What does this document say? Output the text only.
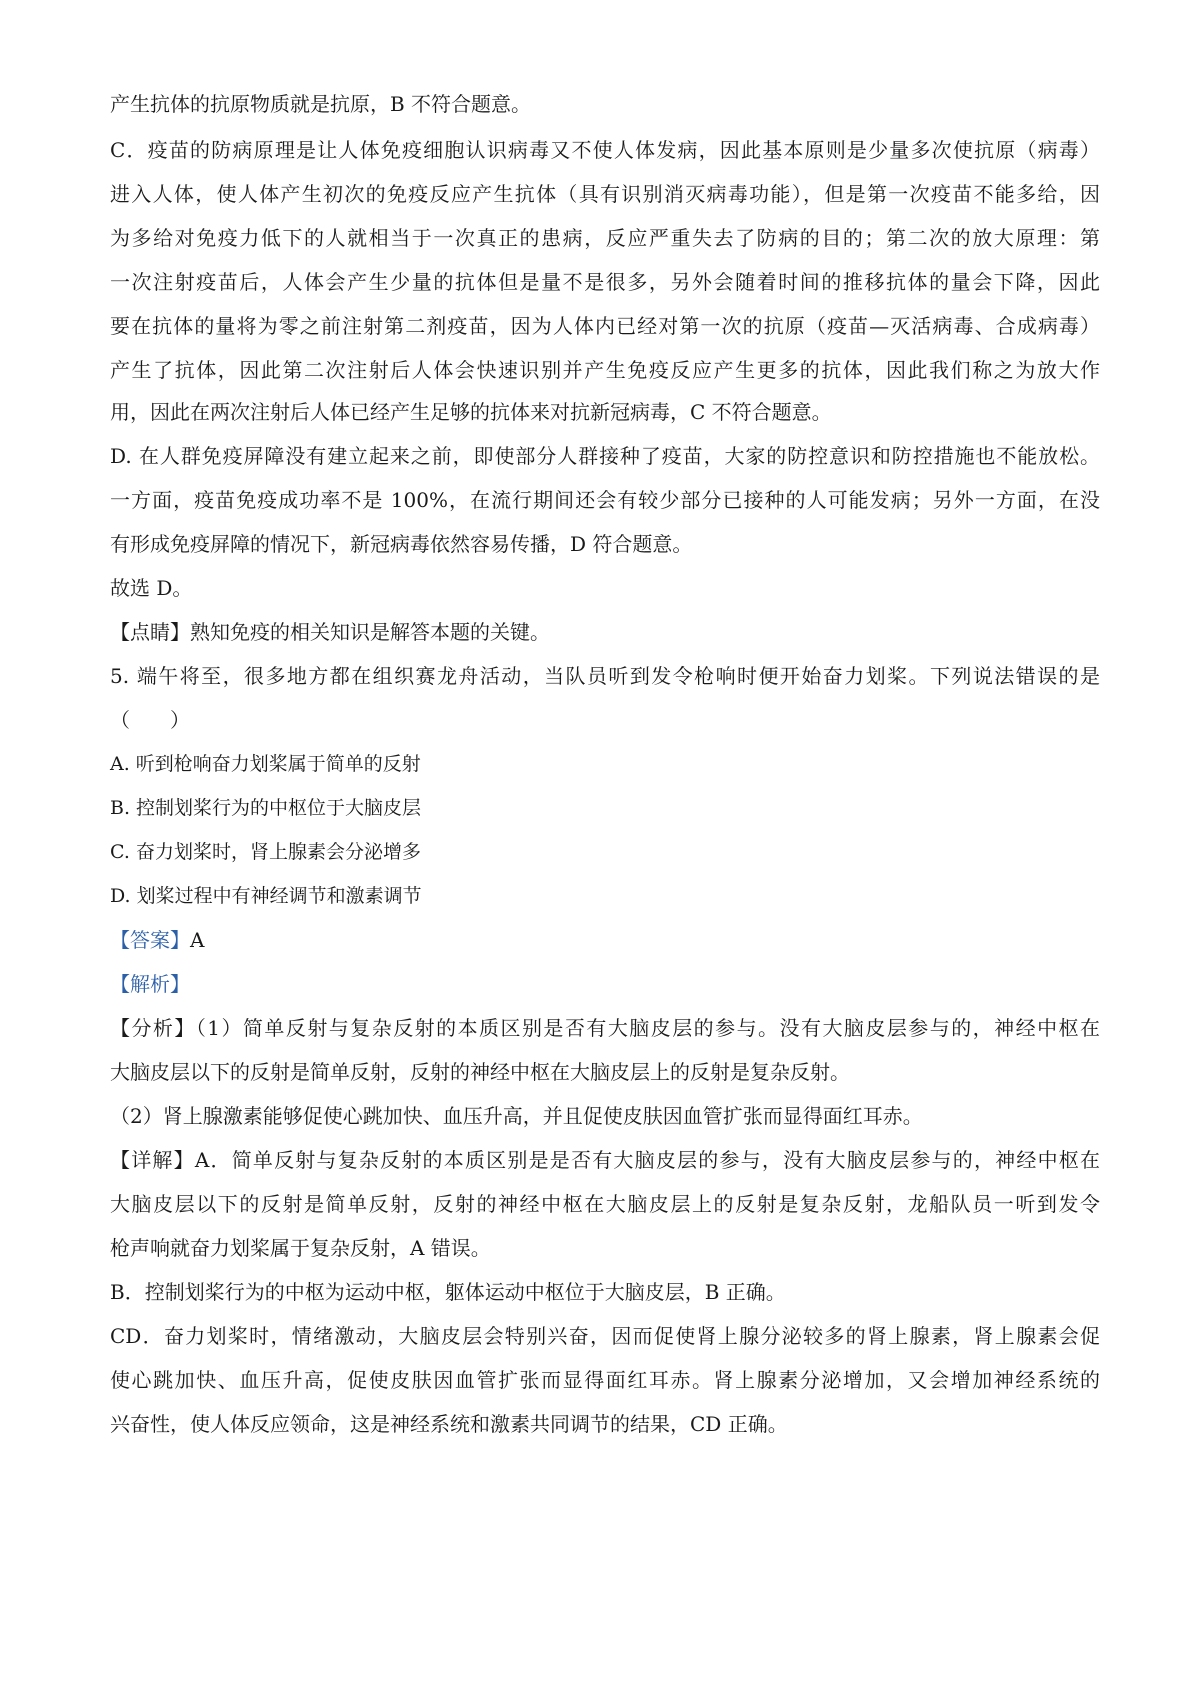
产生抗体的抗原物质就是抗原，B 不符合题意。
C．疫苗的防病原理是让人体免疫细胞认识病毒又不使人体发病，因此基本原则是少量多次使抗原（病毒）
进入人体，使人体产生初次的免疫反应产生抗体（具有识别消灭病毒功能），但是第一次疫苗不能多给，因
为多给对免疫力低下的人就相当于一次真正的患病，反应严重失去了防病的目的；第二次的放大原理：第
一次注射疫苗后，人体会产生少量的抗体但是量不是很多，另外会随着时间的推移抗体的量会下降，因此
要在抗体的量将为零之前注射第二剂疫苗，因为人体内已经对第一次的抗原（疫苗—灭活病毒、合成病毒）
产生了抗体，因此第二次注射后人体会快速识别并产生免疫反应产生更多的抗体，因此我们称之为放大作
用，因此在两次注射后人体已经产生足够的抗体来对抗新冠病毒，C 不符合题意。
D. 在人群免疫屏障没有建立起来之前，即使部分人群接种了疫苗，大家的防控意识和防控措施也不能放松。
一方面，疫苗免疫成功率不是 100%，在流行期间还会有较少部分已接种的人可能发病；另外一方面，在没
有形成免疫屏障的情况下，新冠病毒依然容易传播，D 符合题意。
故选 D。
【点睛】熟知免疫的相关知识是解答本题的关键。
5. 端午将至，很多地方都在组织赛龙舟活动，当队员听到发令枪响时便开始奋力划桨。下列说法错误的是
（　　）
A. 听到枪响奋力划桨属于简单的反射
B. 控制划桨行为的中枢位于大脑皮层
C. 奋力划桨时，肾上腺素会分泌增多
D. 划桨过程中有神经调节和激素调节
【答案】A
【解析】
【分析】（1）简单反射与复杂反射的本质区别是否有大脑皮层的参与。没有大脑皮层参与的，神经中枢在
大脑皮层以下的反射是简单反射，反射的神经中枢在大脑皮层上的反射是复杂反射。
（2）肾上腺激素能够促使心跳加快、血压升高，并且促使皮肤因血管扩张而显得面红耳赤。
【详解】A．简单反射与复杂反射的本质区别是是否有大脑皮层的参与，没有大脑皮层参与的，神经中枢在
大脑皮层以下的反射是简单反射，反射的神经中枢在大脑皮层上的反射是复杂反射，龙船队员一听到发令
枪声响就奋力划桨属于复杂反射，A 错误。
B．控制划桨行为的中枢为运动中枢，躯体运动中枢位于大脑皮层，B 正确。
CD．奋力划桨时，情绪激动，大脑皮层会特别兴奋，因而促使肾上腺分泌较多的肾上腺素，肾上腺素会促
使心跳加快、血压升高，促使皮肤因血管扩张而显得面红耳赤。肾上腺素分泌增加，又会增加神经系统的
兴奋性，使人体反应领命，这是神经系统和激素共同调节的结果，CD 正确。
